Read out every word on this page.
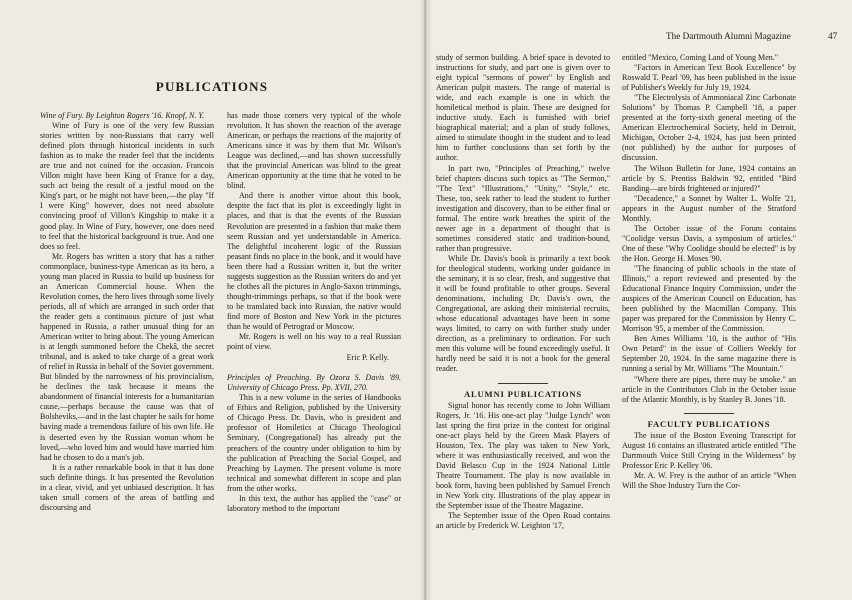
PUBLICATIONS

Wine of Fury. By Leighton Rogers '16. Knopf, N. Y.

Wine of Fury is one of the very few Russian stories written by non-Russians that carry well defined plots through historical incidents in such fashion as to make the reader feel that the incidents are true and not coined for the occasion. Francois Villon might have been King of France for a day, such act being the result of a jestful mood on the King's part, or he might not have been,—the play "If I were King" however, does not need absolute convincing proof of Villon's Kingship to make it a good play. In Wine of Fury, however, one does need to feel that the historical background is true. And one does so feel.

Mr. Rogers has written a story that has a rather commonplace, business-type American as its hero, a young man placed in Russia to build up business for an American Commercial house. When the Revolution comes, the hero lives through some lively periods, all of which are arranged in such order that the reader gets a continuous picture of just what happened in Russia, a rather unusual thing for an American writer to bring about. The young American is at length summoned before the Chekâ, the secret tribunal, and is asked to take charge of a great work of relief in Russia in behalf of the Soviet government. But blinded by the narrowness of his provincialism, he declines the task because it means the abandonment of financial interests for a humanitarian cause,—perhaps because the cause was that of Bolsheviks,—and in the last chapter he sails for home having made a tremendous failure of his own life. He is deserted even by the Russian woman whom he loved,—who loved him and would have married him had he chosen to do a man's job.

It is a rather remarkable book in that it has done such definite things. It has presented the Revolution in a clear, vivid, and yet unbiased description. It has taken small corners of the areas of battling and discoursing and

has made those corners very typical of the whole revolution. It has shown the reaction of the average American, or perhaps the reactions of the majority of Americans since it was by them that Mr. Wilson's League was declined,—and has shown successfully that the provincial American was blind to the great American opportunity at the time that he voted to be blind.

And there is another virtue about this book, despite the fact that its plot is exceedingly light in places, and that is that the events of the Russian Revolution are presented in a fashion that make them seem Russian and yet understandable in America. The delightful incoherent logic of the Russian peasant finds no place in the book, and it would have been there had a Russian written it, but the writer suggests suggestion as the Russian writers do and yet he clothes all the pictures in Anglo-Saxon trimmings, thought-trimmings perhaps, so that if the book were to be translated back into Russian, the native would find more of Boston and New York in the pictures than he would of Petrograd or Moscow.

Mr. Rogers is well on his way to a real Russian point of view.

Eric P. Kelly.

Principles of Preaching. By Ozora S. Davis '89. University of Chicago Press. Pp. XVII, 270.

This is a new volume in the series of Handbooks of Ethics and Religion, published by the University of Chicago Press. Dr. Davis, who is president and professor of Homiletics at Chicago Theological Seminary, (Congregational) has already put the preachers of the country under obligation to him by the publication of Preaching the Social Gospel, and Preaching by Laymen. The present volume is more technical and somewhat different in scope and plan from the other works.

In this text, the author has applied the "case" or laboratory method to the important

The Dartmouth Alumni Magazine	47

study of sermon building. A brief space is devoted to instructions for study, and part one is given over to eight typical "sermons of power" by English and American pulpit masters. The range of material is wide, and each example is one in which the homiletical method is plain. These are designed for inductive study. Each is furnished with brief biographical material; and a plan of study follows, aimed to stimulate thought in the student and to lead him to further conclusions than set forth by the author.

In part two, "Principles of Preaching," twelve brief chapters discuss such topics as "The Sermon," "The Text" "Illustrations," "Unity," "Style," etc. These, too, seek rather to lead the student to further investigation and discovery, than to be either final or formal. The entire work breathes the spirit of the newer age in a department of thought that is sometimes considered static and tradition-bound, rather than progressive.

While Dr. Davis's book is primarily a text book for theological students, working under guidance in the seminary, it is so clear, fresh, and suggestive that it will be found profitable to other groups. Several denominations, including Dr. Davis's own, the Congregational, are asking their ministerial recruits, whose educational advantages have been in some ways limited, to carry on with further study under direction, as a preliminary to ordination. For such men this volume will be found exceedingly useful. It hardly need be said it is not a book for the general reader.

ALUMNI PUBLICATIONS

Signal honor has recently come to John William Rogers, Jr. '16. His one-act play "Judge Lynch" won last spring the first prize in the contest for original one-act plays held by the Green Mask Players of Houston, Tex. The play was taken to New York, where it was enthusiastically received, and won the David Belasco Cup in the 1924 National Little Theatre Tournament. The play is now available in book form, having been published by Samuel French in New York city. Illustrations of the play appear in the September issue of the Theatre Magazine.

The September issue of the Open Road contains an article by Frederick W. Leighton '17,

entitled "Mexico, Coming Land of Young Men."

"Factors in American Text Book Excellence" by Roswald T. Pearl '09, has been published in the issue of Publisher's Weekly for July 19, 1924.

"The Electrolysis of Ammoniacal Zinc Carbonate Solutions" by Thomas P. Campbell '18, a paper presented at the forty-sixth general meeting of the American Electrochemical Society, held in Detroit, Michigan, October 2-4, 1924, has just been printed (not published) by the author for purposes of discussion.

The Wilson Bulletin for June, 1924 contains an article by S. Prentiss Baldwin '92, entitled "Bird Banding—are birds frightened or injured?"

"Decadence," a Sonnet by Walter L. Wolfe '21, appears in the August number of the Stratford Monthly.

The October issue of the Forum contains "Coolidge versus Davis, a symposium of articles." One of these "Why Coolidge should be elected" is by the Hon. George H. Moses '90.

"The financing of public schools in the state of Illinois," a report reviewed and presented by the Educational Finance Inquiry Commission, under the auspices of the American Council on Education, has been published by the Macmillan Company. This paper was prepared for the Commission by Henry C. Morrison '95, a member of the Commission.

Ben Ames Williams '10, is the author of "His Own Petard" in the issue of Colliers Weekly for September 20, 1924. In the same magazine there is running a serial by Mr. Williams "The Mountain."

"Where there are pipes, there may be smoke." an article in the Contributors Club in the October issue of the Atlantic Monthly, is by Stanley B. Jones '18.

FACULTY PUBLICATIONS

The issue of the Boston Evening Transcript for August 16 contains an illustrated article entitled "The Dartmouth Voice Still Crying in the Wilderness" by Professor Eric P. Kelley '06.

Mr. A. W. Frey is the author of an article "When Will the Shoe Industry Turn the Cor-
